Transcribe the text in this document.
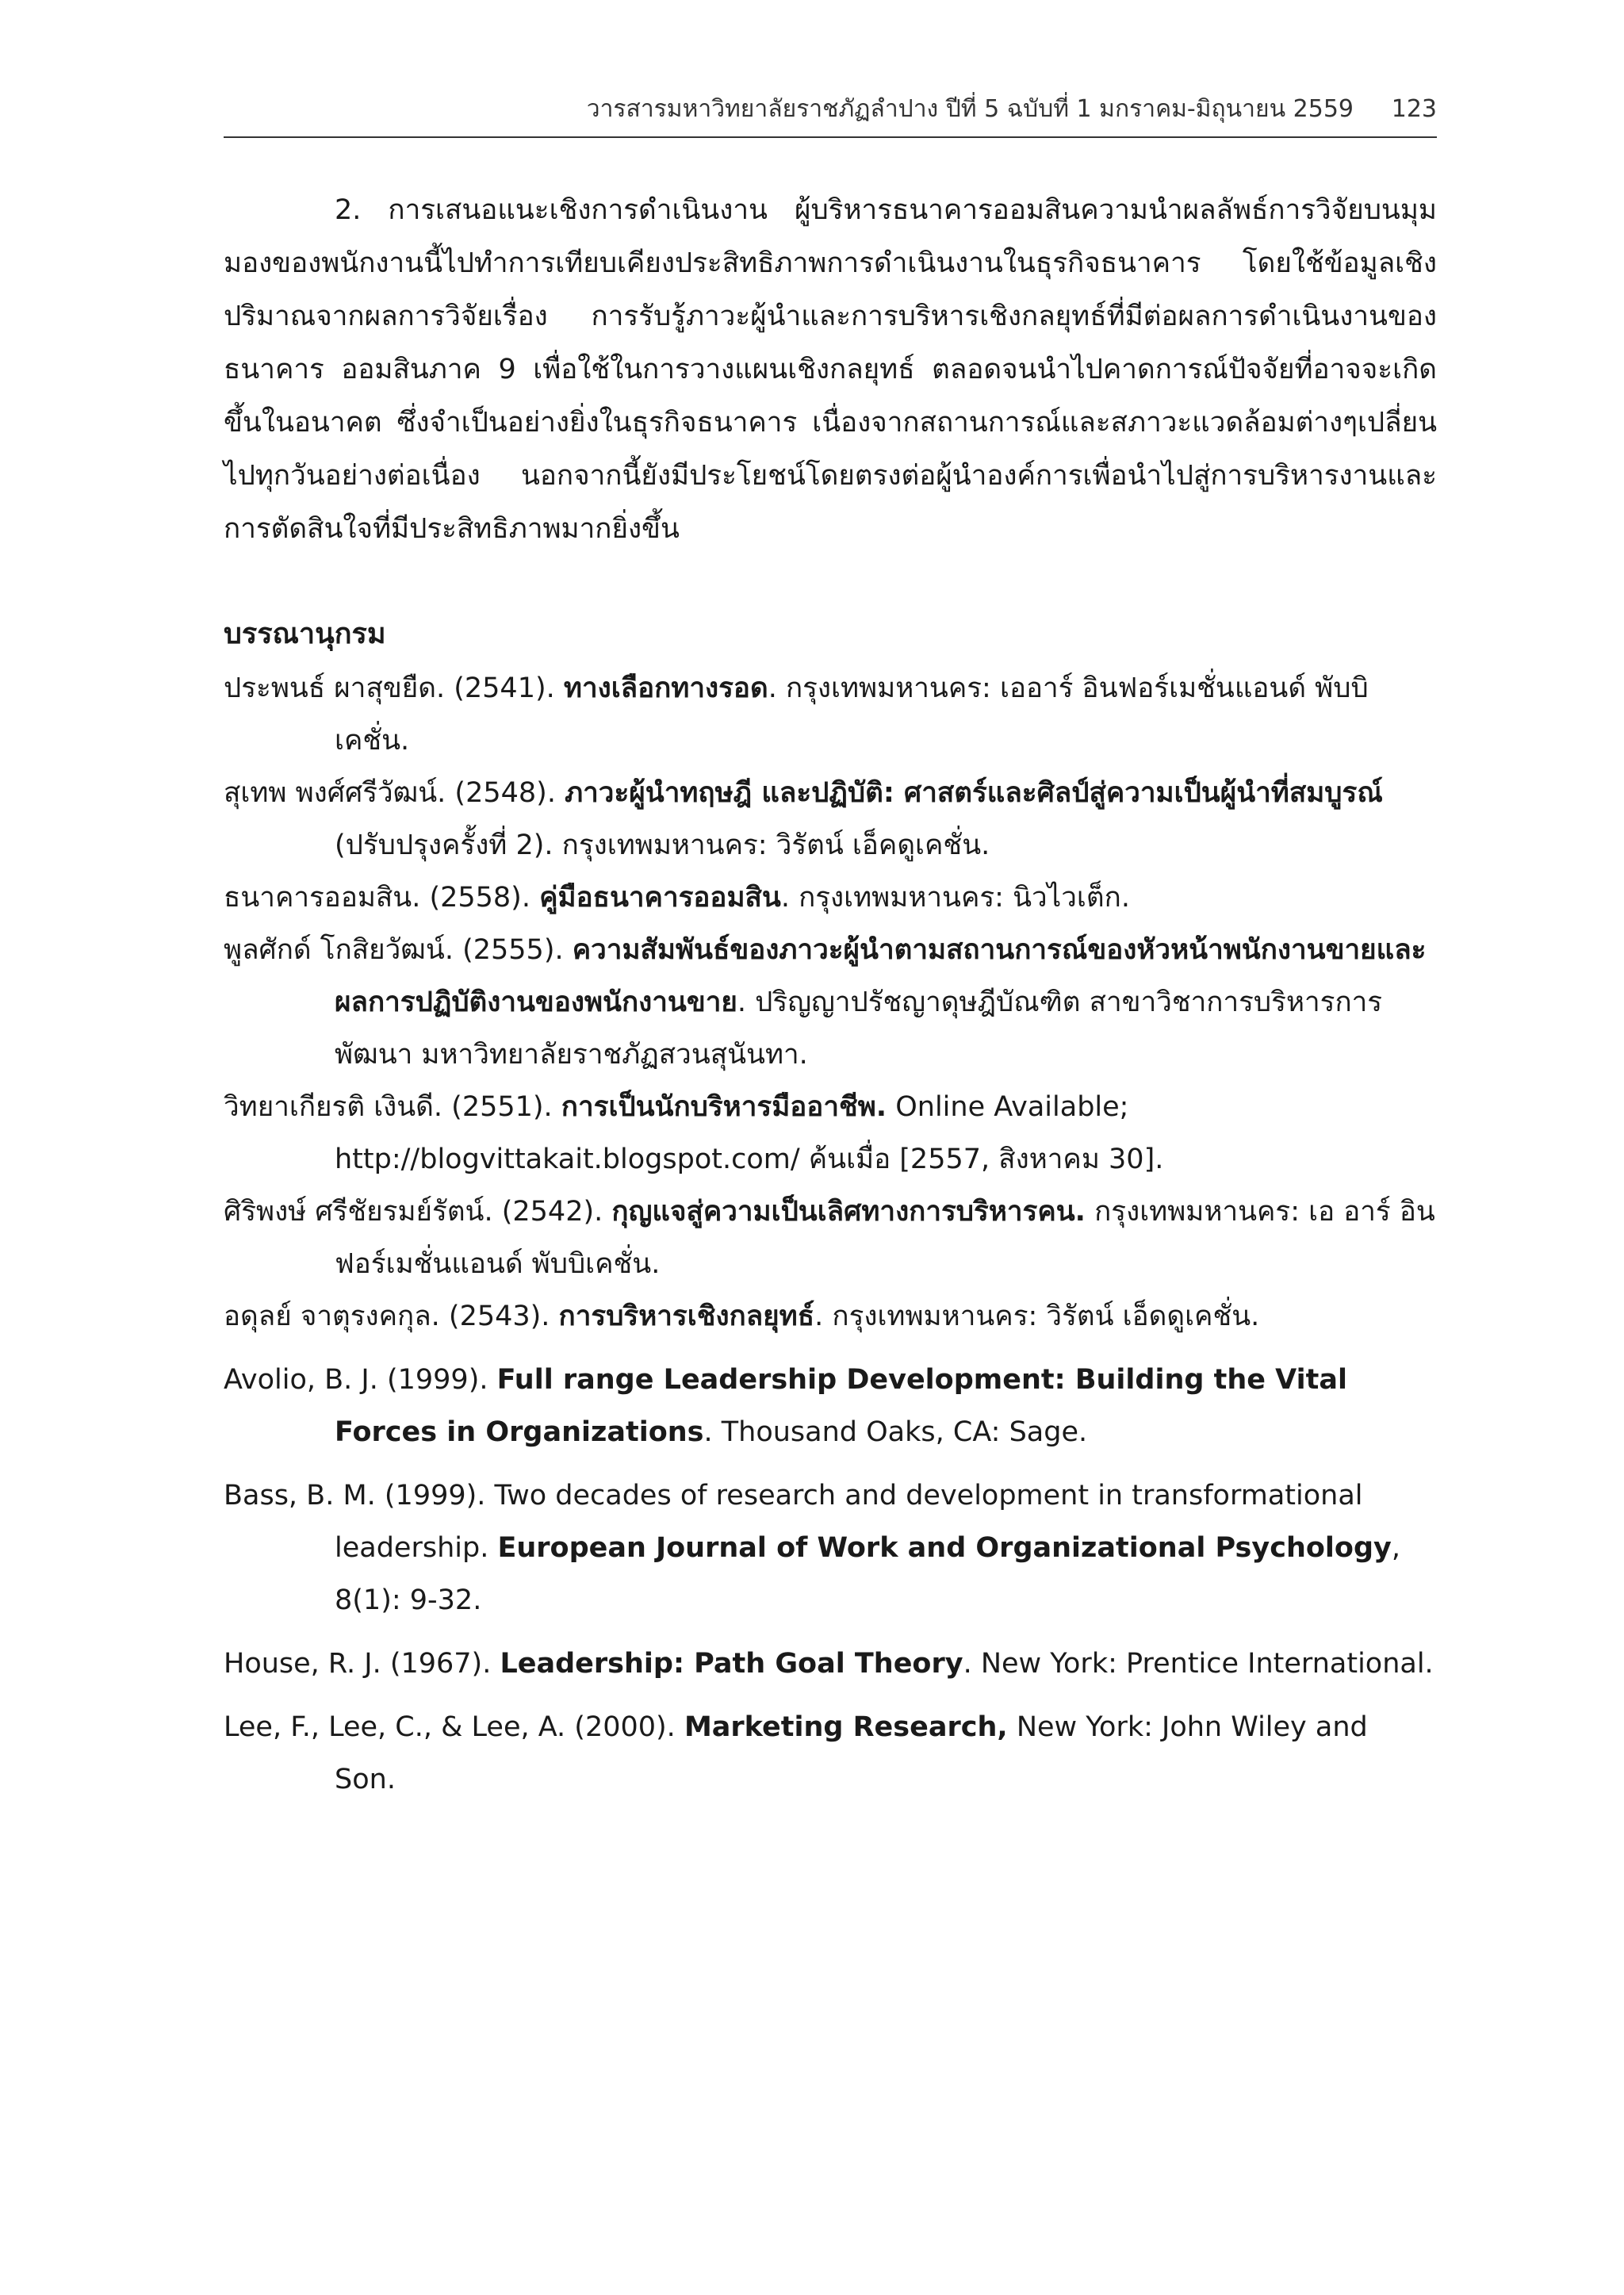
วารสารมหาวิทยาลัยราชภัฏลำปาง ปีที่ 5 ฉบับที่ 1 มกราคม-มิถุนายน 2559 123

2. การเสนอแนะเชิงการดำเนินงาน ผู้บริหารธนาคารออมสินความนำผลลัพธ์การวิจัยบนมุมมองของพนักงานนี้ไปทำการเทียบเคียงประสิทธิภาพการดำเนินงานในธุรกิจธนาคาร โดยใช้ข้อมูลเชิงปริมาณจากผลการวิจัยเรื่อง การรับรู้ภาวะผู้นำและการบริหารเชิงกลยุทธ์ที่มีต่อผลการดำเนินงานของธนาคาร ออมสินภาค 9 เพื่อใช้ในการวางแผนเชิงกลยุทธ์ ตลอดจนนำไปคาดการณ์ปัจจัยที่อาจจะเกิดขึ้นในอนาคต ซึ่งจำเป็นอย่างยิ่งในธุรกิจธนาคาร เนื่องจากสถานการณ์และสภาวะแวดล้อมต่างๆเปลี่ยนไปทุกวันอย่างต่อเนื่อง นอกจากนี้ยังมีประโยชน์โดยตรงต่อผู้นำองค์การเพื่อนำไปสู่การบริหารงานและการตัดสินใจที่มีประสิทธิภาพมากยิ่งขึ้น

บรรณานุกรม

ประพนธ์ ผาสุขยืด. (2541). ทางเลือกทางรอด. กรุงเทพมหานคร: เออาร์ อินฟอร์เมชั่นแอนด์ พับบิเคชั่น.

สุเทพ พงศ์ศรีวัฒน์. (2548). ภาวะผู้นำทฤษฎี และปฏิบัติ: ศาสตร์และศิลป์สู่ความเป็นผู้นำที่สมบูรณ์ (ปรับปรุงครั้งที่ 2). กรุงเทพมหานคร: วิรัตน์ เอ็คดูเคชั่น.

ธนาคารออมสิน. (2558). คู่มือธนาคารออมสิน. กรุงเทพมหานคร: นิวไวเต็ก.

พูลศักด์ โกสิยวัฒน์. (2555). ความสัมพันธ์ของภาวะผู้นำตามสถานการณ์ของหัวหน้าพนักงานขายและผลการปฏิบัติงานของพนักงานขาย. ปริญญาปรัชญาดุษฎีบัณฑิต สาขาวิชาการบริหารการพัฒนา มหาวิทยาลัยราชภัฏสวนสุนันทา.

วิทยาเกียรติ เงินดี. (2551). การเป็นนักบริหารมืออาชีพ. Online Available; http://blogvittakait.blogspot.com/ ค้นเมื่อ [2557, สิงหาคม 30].

ศิริพงษ์ ศรีชัยรมย์รัตน์. (2542). กุญแจสู่ความเป็นเลิศทางการบริหารคน. กรุงเทพมหานคร: เอ อาร์ อินฟอร์เมชั่นแอนด์ พับบิเคชั่น.

อดุลย์ จาตุรงคกุล. (2543). การบริหารเชิงกลยุทธ์. กรุงเทพมหานคร: วิรัตน์ เอ็ดดูเคชั่น.

Avolio, B. J. (1999). Full range Leadership Development: Building the Vital Forces in Organizations. Thousand Oaks, CA: Sage.

Bass, B. M. (1999). Two decades of research and development in transformational leadership. European Journal of Work and Organizational Psychology, 8(1): 9-32.

House, R. J. (1967). Leadership: Path Goal Theory. New York: Prentice International.

Lee, F., Lee, C., & Lee, A. (2000). Marketing Research, New York: John Wiley and Son.
